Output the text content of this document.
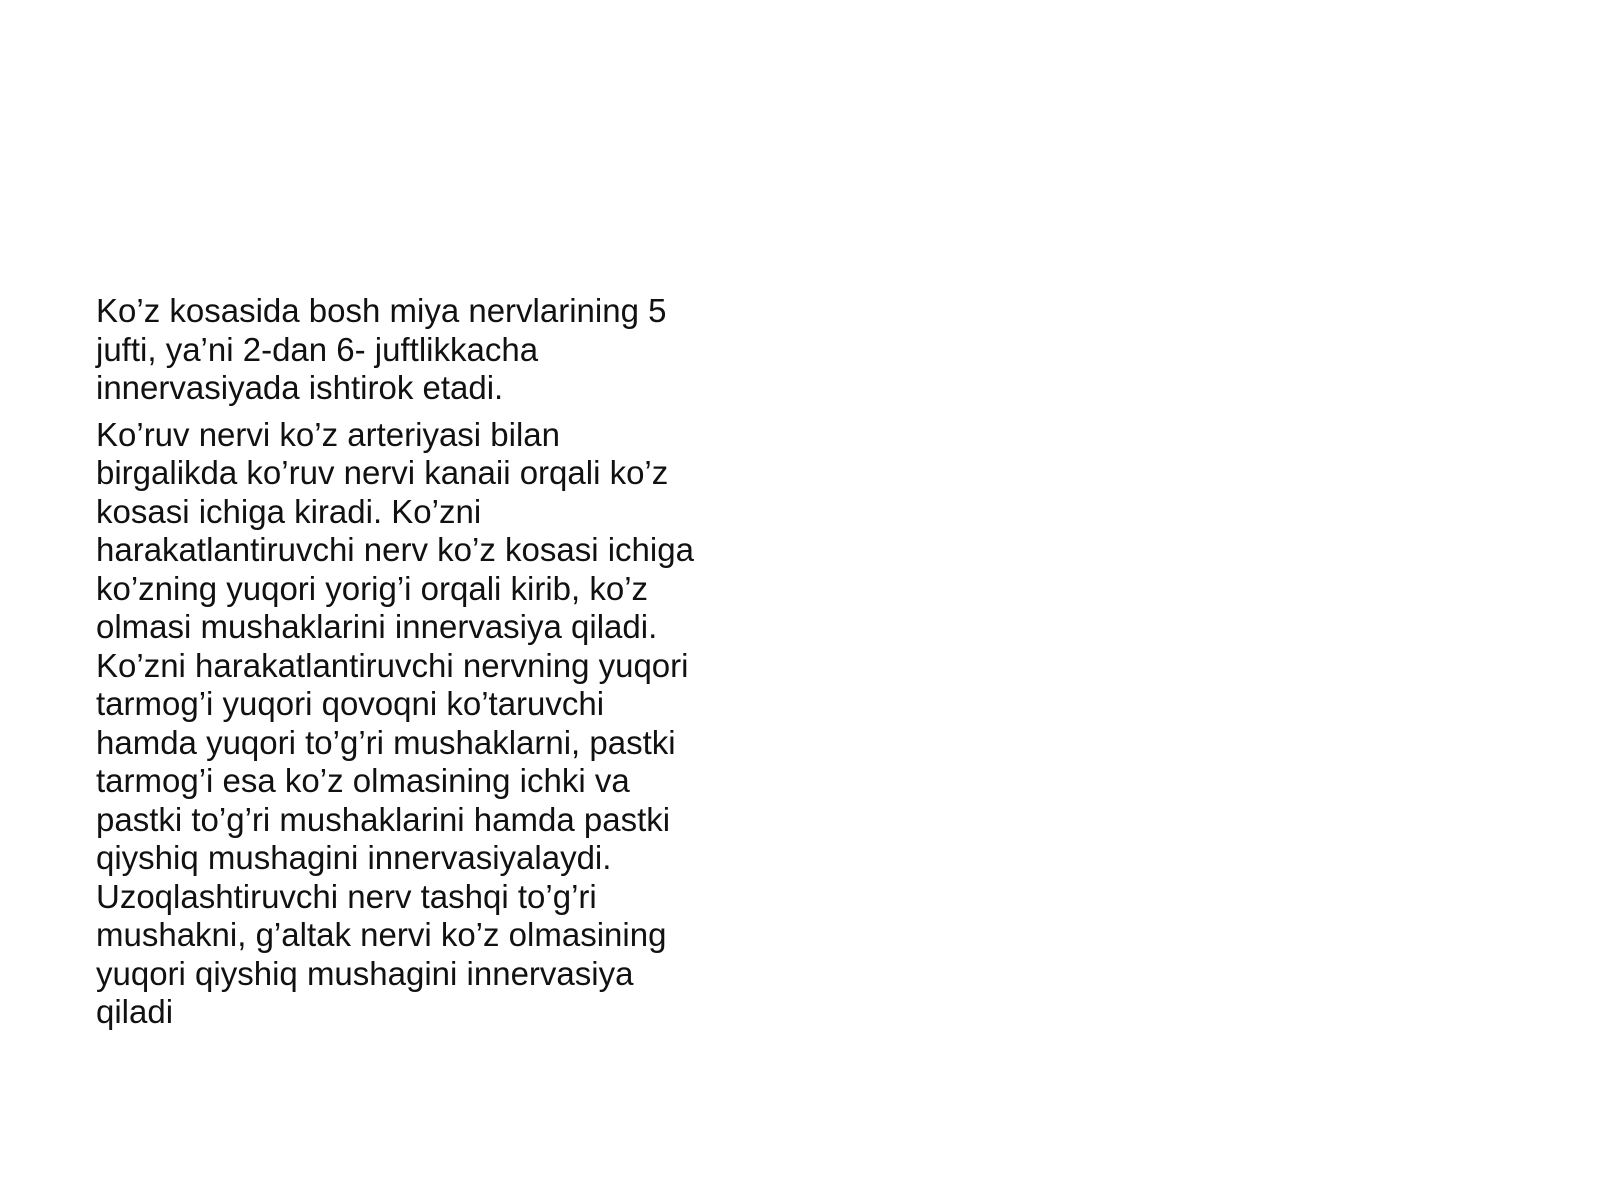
Ko’z kosasida bosh miya nervlarining 5
jufti, ya’ni 2-dan 6- juftlikkacha
innervasiyada ishtirok etadi.

Ko’ruv nervi ko’z arteriyasi bilan
birgalikda ko’ruv nervi kanaii orqali ko’z
kosasi ichiga kiradi. Ko’zni
harakatlantiruvchi nerv ko’z kosasi ichiga
ko’zning yuqori yorig’i orqali kirib, ko’z
olmasi mushaklarini innervasiya qiladi.
Ko’zni harakatlantiruvchi nervning yuqori
tarmog’i yuqori qovoqni ko’taruvchi
hamda yuqori to’g’ri mushaklarni, pastki
tarmog’i esa ko’z olmasining ichki va
pastki to’g’ri mushaklarini hamda pastki
qiyshiq mushagini innervasiyalaydi.
Uzoqlashtiruvchi nerv tashqi to’g’ri
mushakni, g’altak nervi ko’z olmasining
yuqori qiyshiq mushagini innervasiya
qiladi
